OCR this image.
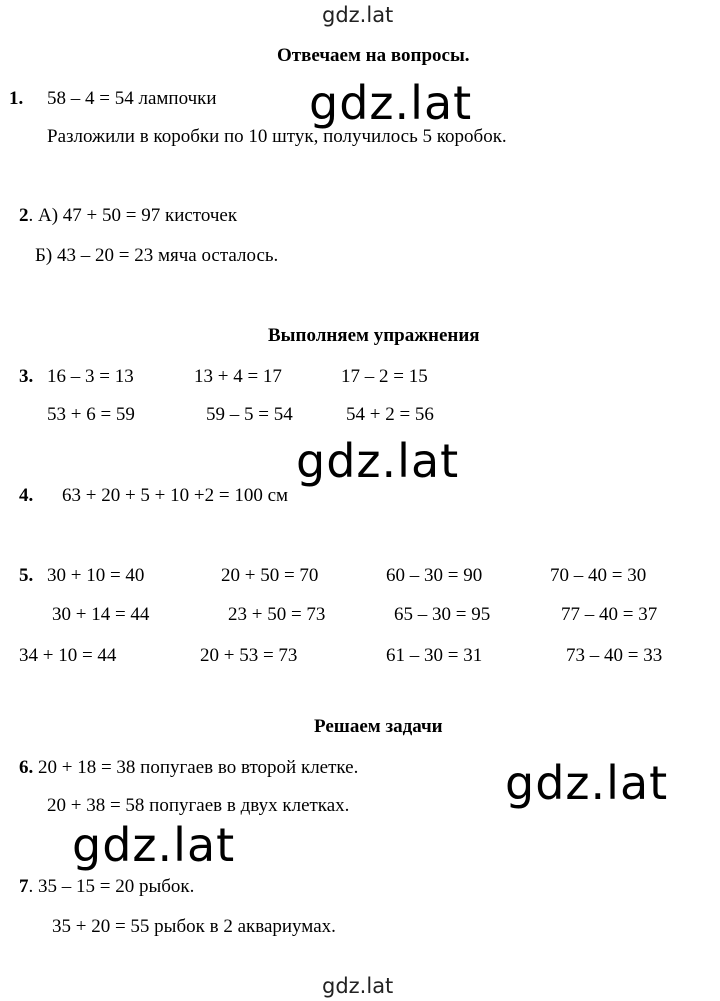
gdz.lat
gdz.lat
Отвечаем на вопросы.
1. 58 – 4 = 54 лампочки
Разложили в коробки по 10 штук, получилось 5 коробок.
2. А) 47 + 50 = 97 кисточек
Б) 43 – 20 = 23 мяча осталось.
Выполняем упражнения
3. 16 – 3 = 13	13 + 4 = 17	17 – 2 = 15
53 + 6 = 59	59 – 5 = 54	54 + 2 = 56
4. 63 + 20 + 5 + 10 +2 = 100 см
5. 30 + 10 = 40	20 + 50 = 70	60 – 30 = 90	70 – 40 = 30
30 + 14 = 44	23 + 50 = 73	65 – 30 = 95	77 – 40 = 37
34 + 10 = 44	20 + 53 = 73	61 – 30 = 31	73 – 40 = 33
Решаем задачи
6. 20 + 18 = 38 попугаев во второй клетке.
20 + 38 = 58 попугаев в двух клетках.
7. 35 – 15 = 20 рыбок.
35 + 20 = 55 рыбок в 2 аквариумах.
gdz.lat
gdz.lat
gdz.lat
gdz.lat
